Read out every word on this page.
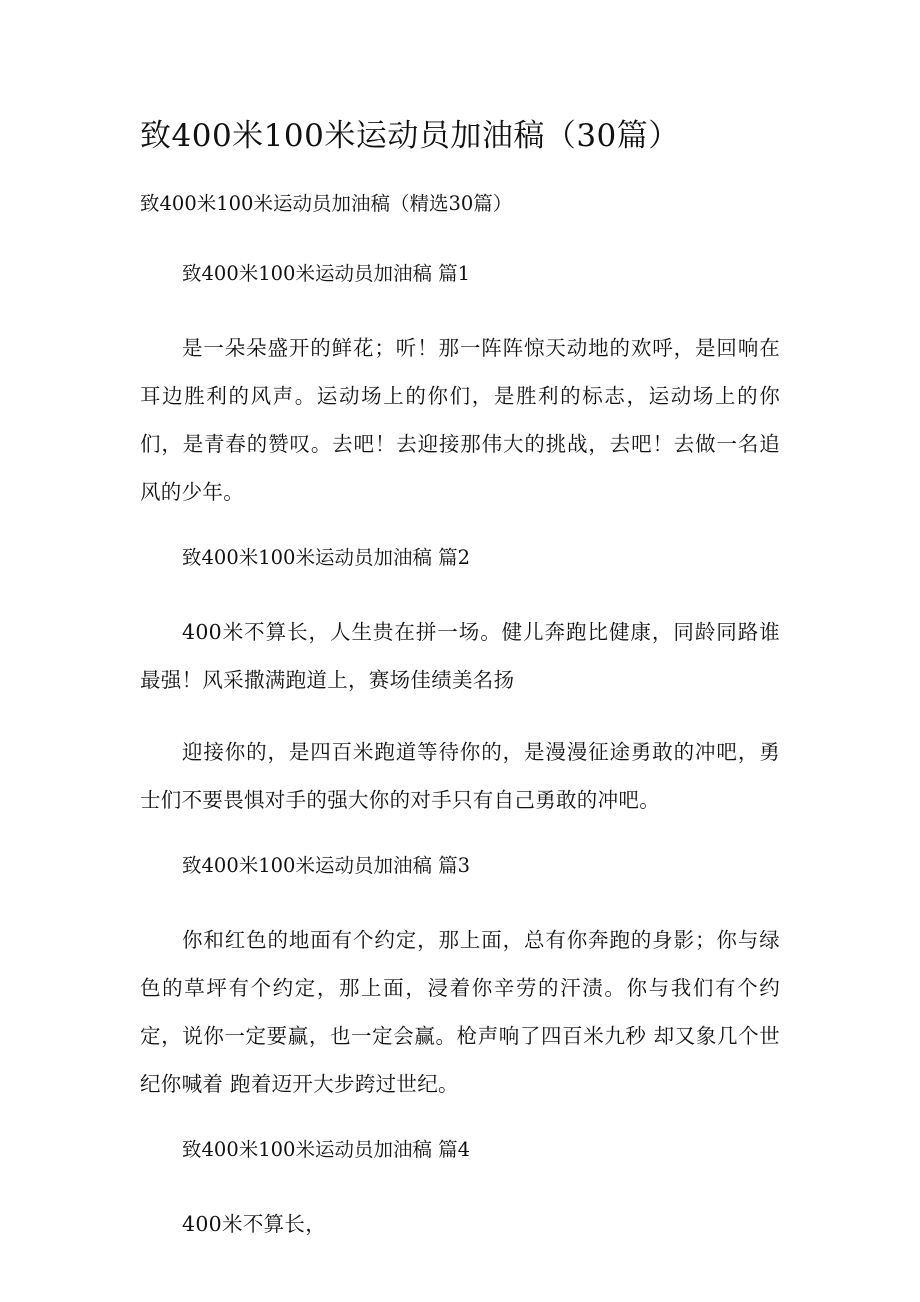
致400米100米运动员加油稿（30篇）
致400米100米运动员加油稿（精选30篇）
致400米100米运动员加油稿 篇1

是一朵朵盛开的鲜花；听！那一阵阵惊天动地的欢呼，是回响在耳边胜利的风声。运动场上的你们，是胜利的标志，运动场上的你们，是青春的赞叹。去吧！去迎接那伟大的挑战，去吧！去做一名追风的少年。

致400米100米运动员加油稿 篇2

400米不算长，人生贵在拼一场。健儿奔跑比健康，同龄同路谁最强！风采撒满跑道上，赛场佳绩美名扬

迎接你的，是四百米跑道等待你的，是漫漫征途勇敢的冲吧，勇士们不要畏惧对手的强大你的对手只有自己勇敢的冲吧。

致400米100米运动员加油稿 篇3

你和红色的地面有个约定，那上面，总有你奔跑的身影；你与绿色的草坪有个约定，那上面，浸着你辛劳的汗渍。你与我们有个约定，说你一定要赢，也一定会赢。枪声响了四百米九秒 却又象几个世纪你喊着 跑着迈开大步跨过世纪。

致400米100米运动员加油稿 篇4

400米不算长，
